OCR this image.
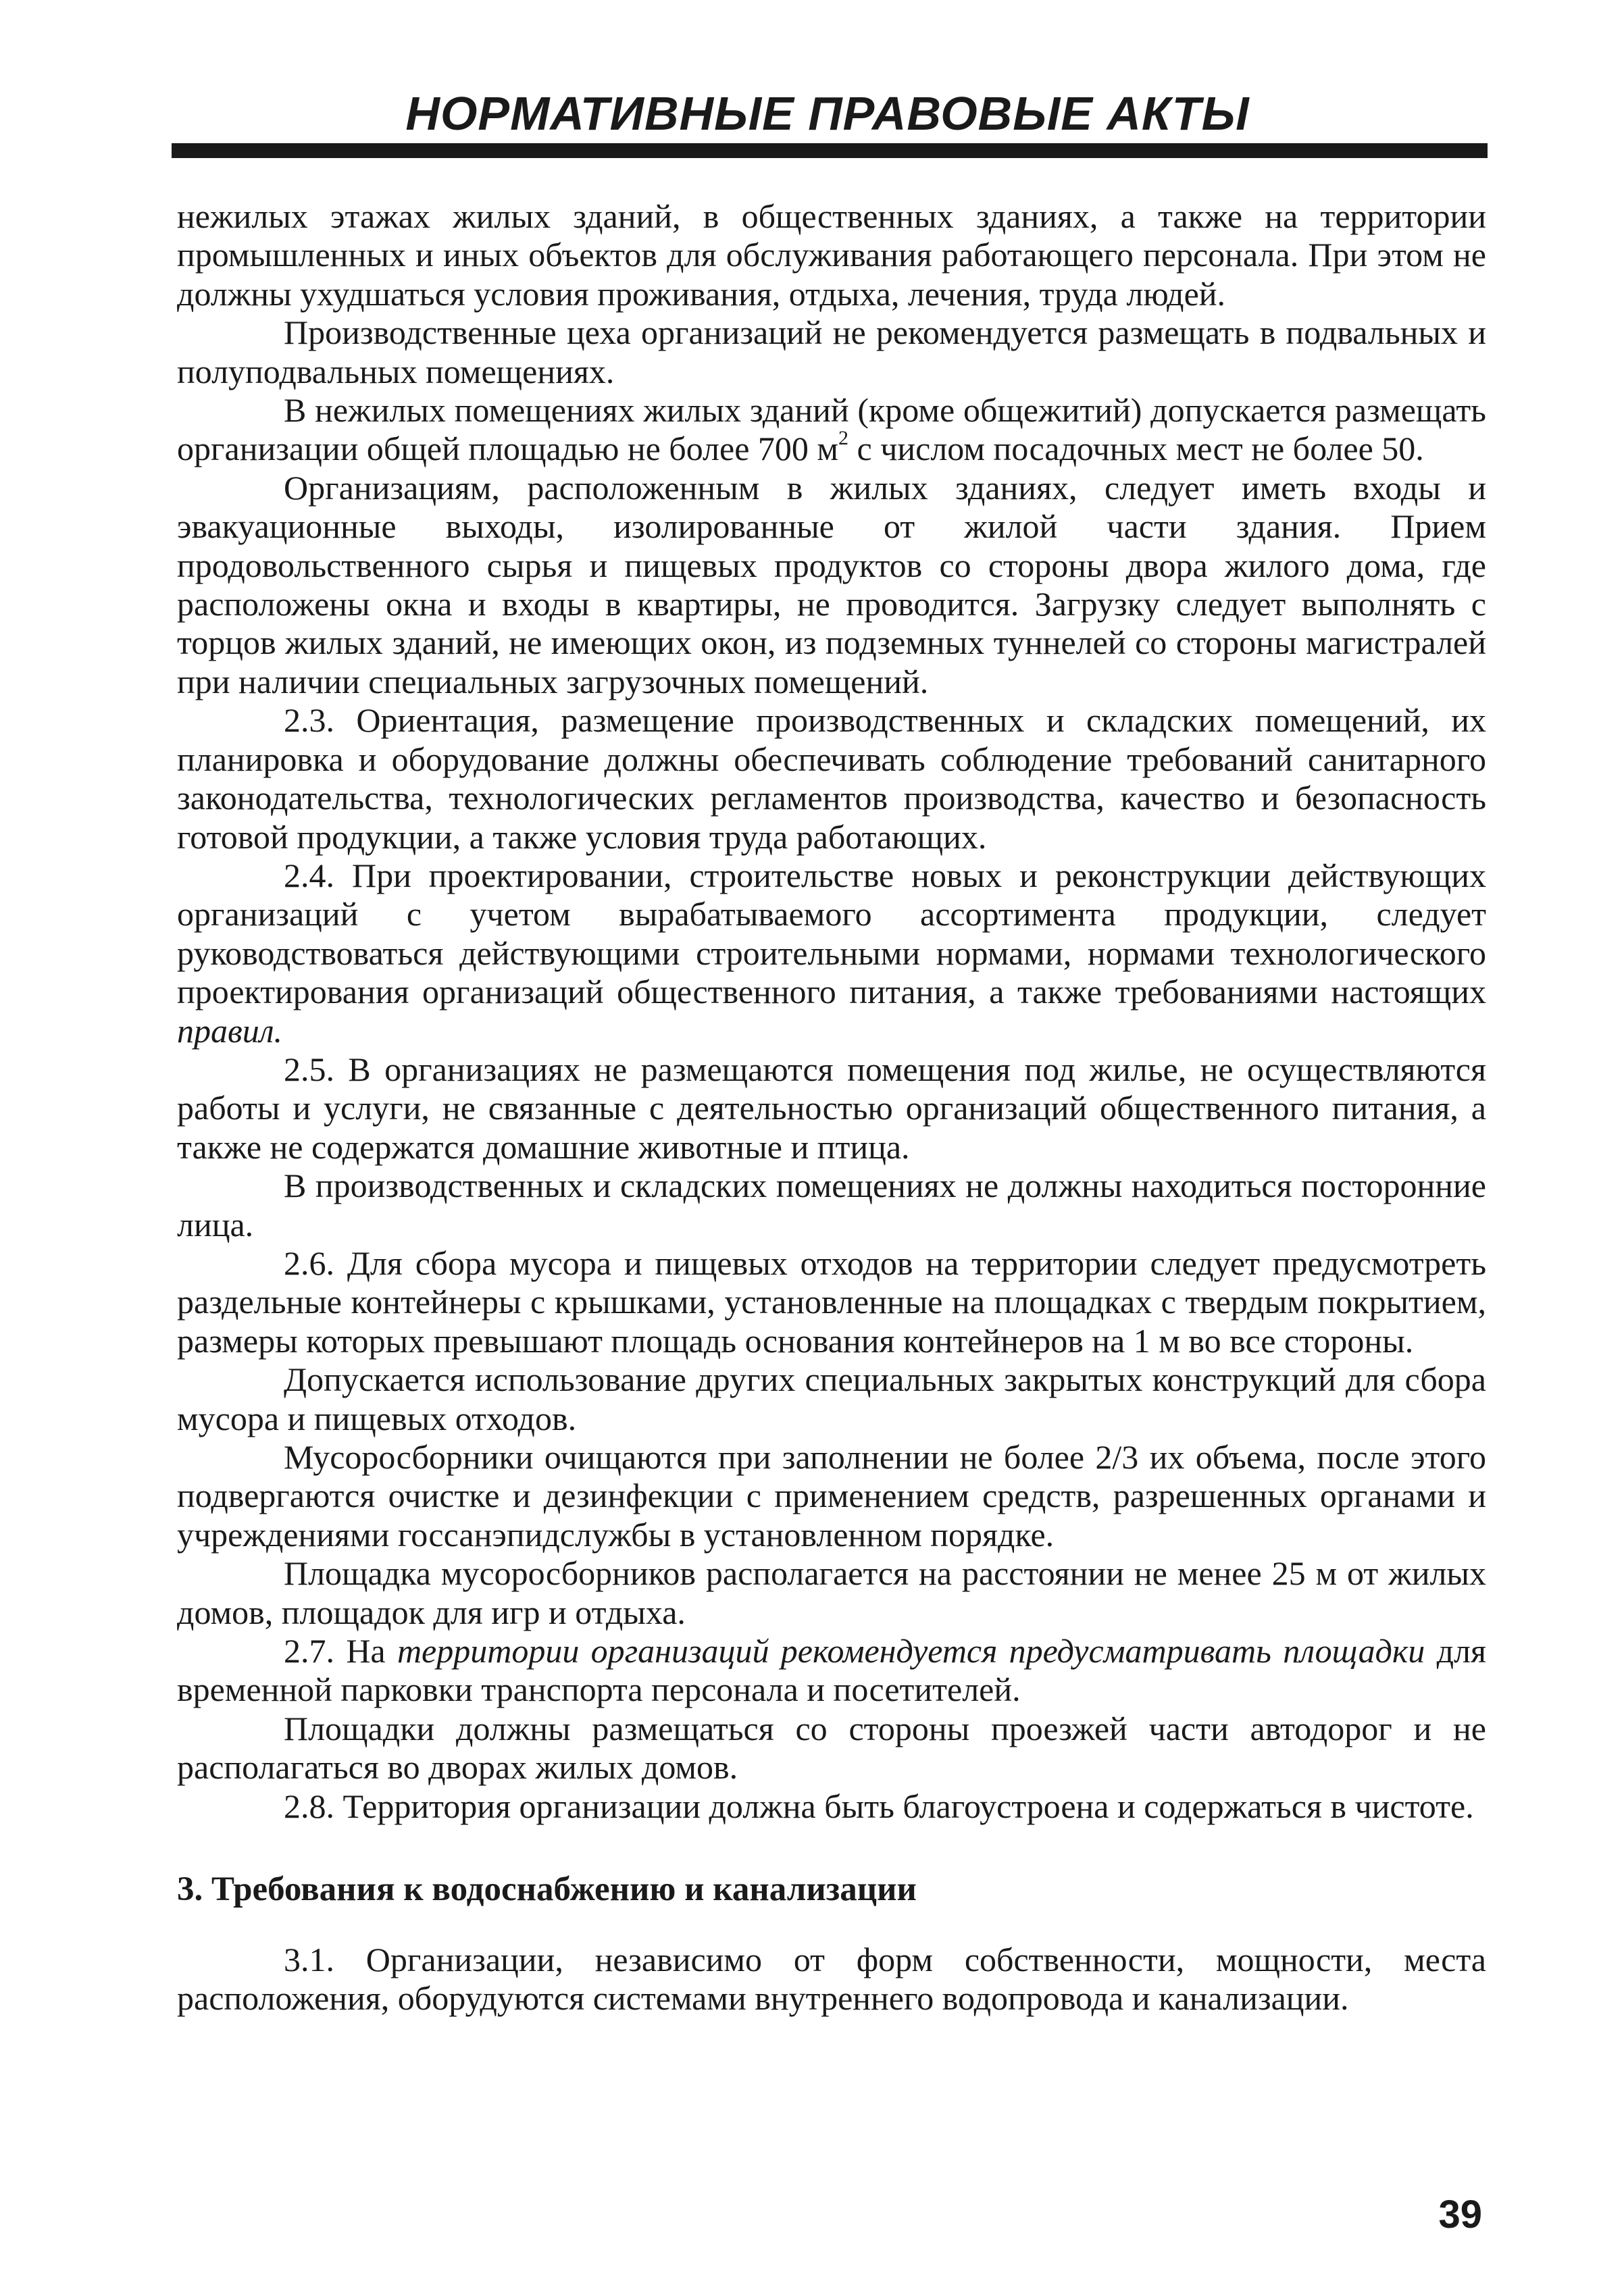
НОРМАТИВНЫЕ ПРАВОВЫЕ АКТЫ

нежилых этажах жилых зданий, в общественных зданиях, а также на территории промышленных и иных объектов для обслуживания работающего персонала. При этом не должны ухудшаться условия проживания, отдыха, лечения, труда людей.

Производственные цеха организаций не рекомендуется размещать в подвальных и полуподвальных помещениях.

В нежилых помещениях жилых зданий (кроме общежитий) допускается размещать организации общей площадью не более 700 $м^2$ с числом посадочных мест не более 50.

Организациям, расположенным в жилых зданиях, следует иметь входы и эвакуационные выходы, изолированные от жилой части здания. Прием продовольственного сырья и пищевых продуктов со стороны двора жилого дома, где расположены окна и входы в квартиры, не проводится. Загрузку следует выполнять с торцов жилых зданий, не имеющих окон, из подземных туннелей со стороны магистралей при наличии специальных загрузочных помещений.

2.3. Ориентация, размещение производственных и складских помещений, их планировка и оборудование должны обеспечивать соблюдение требований санитарного законодательства, технологических регламентов производства, качество и безопасность готовой продукции, а также условия труда работающих.

2.4. При проектировании, строительстве новых и реконструкции действующих организаций с учетом вырабатываемого ассортимента продукции, следует руководствоваться действующими строительными нормами, нормами технологического проектирования организаций общественного питания, а также требованиями настоящих правил.

2.5. В организациях не размещаются помещения под жилье, не осуществляются работы и услуги, не связанные с деятельностью организаций общественного питания, а также не содержатся домашние животные и птица.

В производственных и складских помещениях не должны находиться посторонние лица.

2.6. Для сбора мусора и пищевых отходов на территории следует предусмотреть раздельные контейнеры с крышками, установленные на площадках с твердым покрытием, размеры которых превышают площадь основания контейнеров на 1 м во все стороны.

Допускается использование других специальных закрытых конструкций для сбора мусора и пищевых отходов.

Мусоросборники очищаются при заполнении не более 2/3 их объема, после этого подвергаются очистке и дезинфекции с применением средств, разрешенных органами и учреждениями госсанэпидслужбы в установленном порядке.

Площадка мусоросборников располагается на расстоянии не менее 25 м от жилых домов, площадок для игр и отдыха.

2.7. На территории организаций рекомендуется предусматривать площадки для временной парковки транспорта персонала и посетителей.

Площадки должны размещаться со стороны проезжей части автодорог и не располагаться во дворах жилых домов.

2.8. Территория организации должна быть благоустроена и содержаться в чистоте.

3. Требования к водоснабжению и канализации

3.1. Организации, независимо от форм собственности, мощности, места расположения, оборудуются системами внутреннего водопровода и канализации.

39
